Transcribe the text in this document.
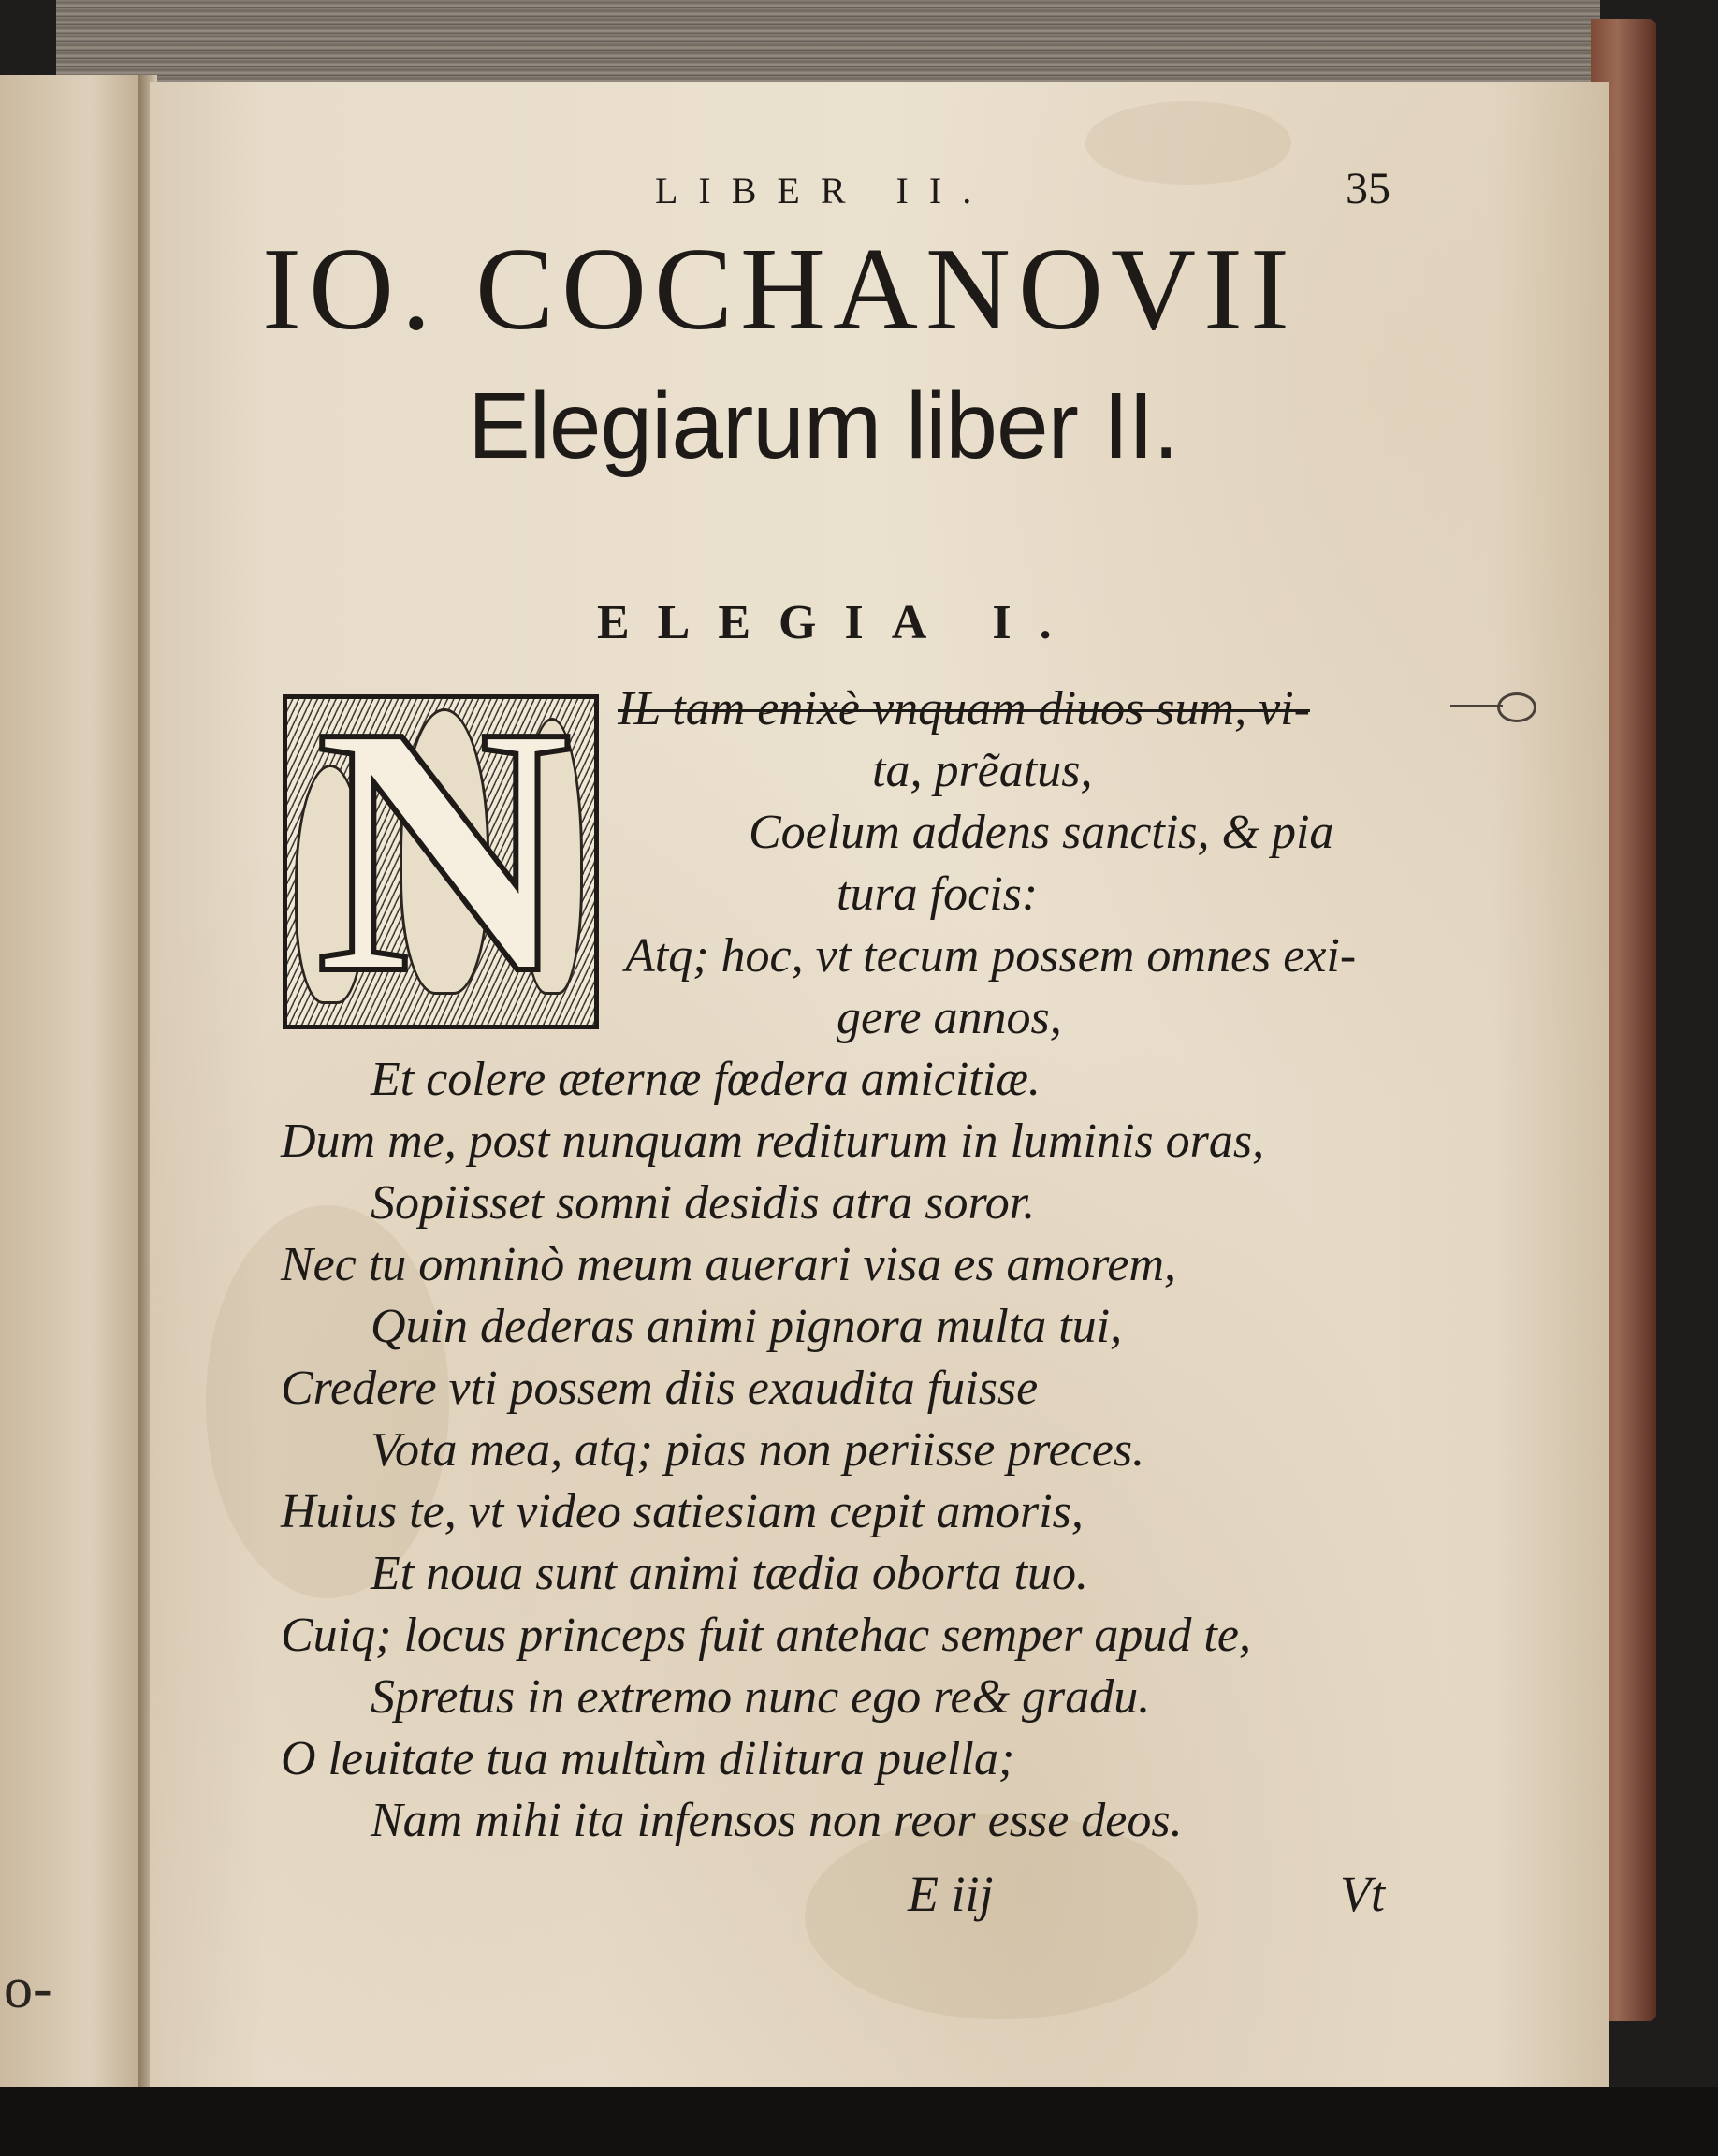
o-
LIBER II.	35
IO. COCHANOVII
Elegiarum liber II.
ELEGIA I.
N IL tam enixè vnquam diuos sum, vi-
ta, prẽatus,
Coelum addens sanctis, & pia
tura focis:
Atq; hoc, vt tecum possem omnes exi-
gere annos,
Et colere æternæ fœdera amicitiæ.
Dum me, post nunquam rediturum in luminis oras,
Sopiisset somni desidis atra soror.
Nec tu omninò meum auerari visa es amorem,
Quin dederas animi pignora multa tui,
Credere vti possem diis exaudita fuisse
Vota mea, atq; pias non periisse preces.
Huius te, vt video satiesiam cepit amoris,
Et noua sunt animi tædia oborta tuo.
Cuiq; locus princeps fuit antehac semper apud te,
Spretus in extremo nunc ego re& gradu.
O leuitate tua multùm dilitura puella;
Nam mihi ita infensos non reor esse deos.
E iij	Vt
